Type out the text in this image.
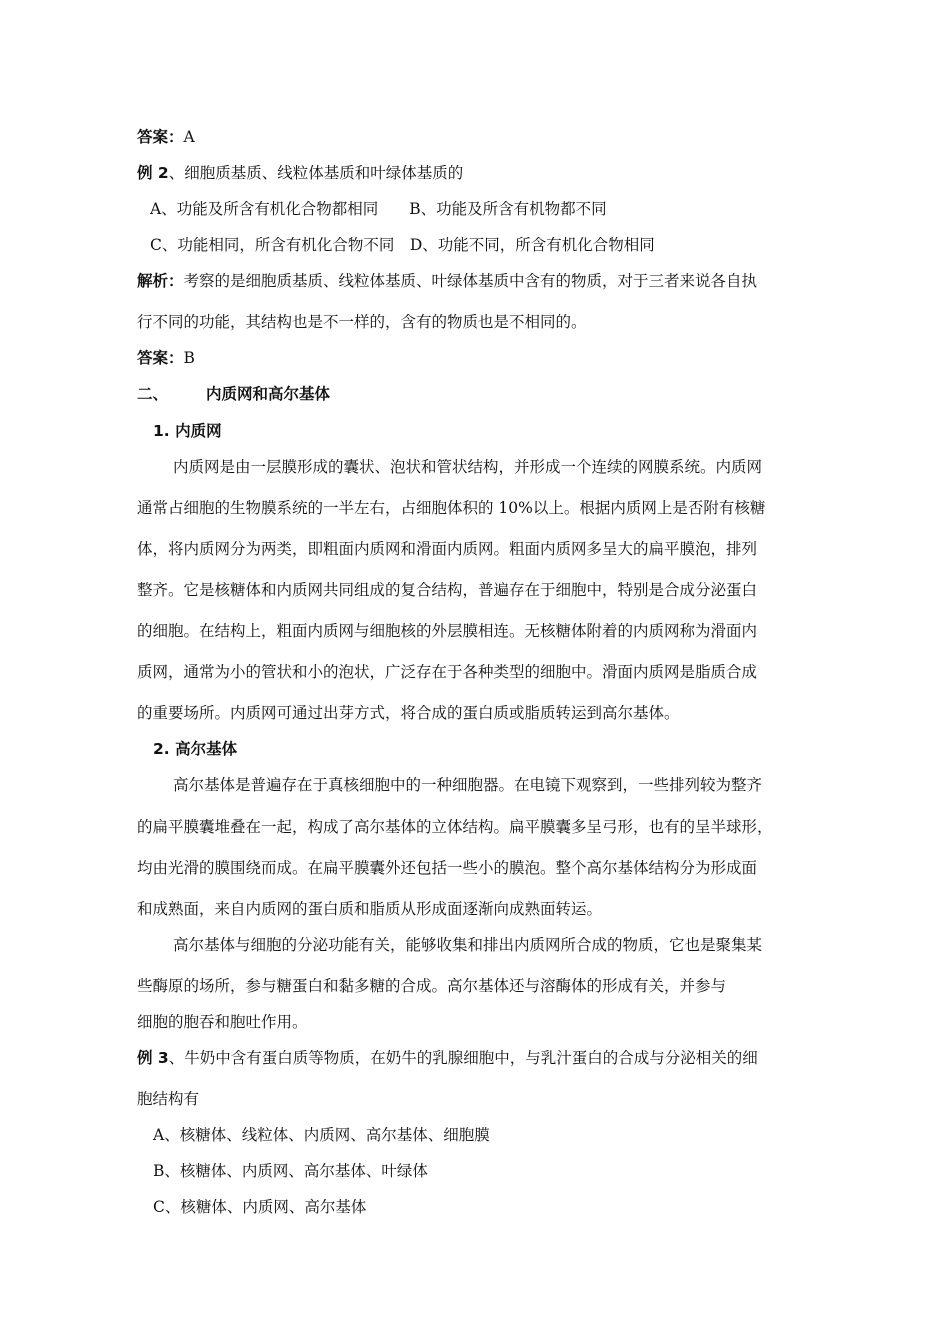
答案：A
例 2、细胞质基质、线粒体基质和叶绿体基质的
A、功能及所含有机化合物都相同　　B、功能及所含有机物都不同
C、功能相同，所含有机化合物不同　D、功能不同，所含有机化合物相同
解析：考察的是细胞质基质、线粒体基质、叶绿体基质中含有的物质，对于三者来说各自执
行不同的功能，其结构也是不一样的，含有的物质也是不相同的。
答案：B
二、 内质网和高尔基体
1. 内质网
内质网是由一层膜形成的囊状、泡状和管状结构，并形成一个连续的网膜系统。内质网
通常占细胞的生物膜系统的一半左右，占细胞体积的 10%以上。根据内质网上是否附有核糖
体，将内质网分为两类，即粗面内质网和滑面内质网。粗面内质网多呈大的扁平膜泡，排列
整齐。它是核糖体和内质网共同组成的复合结构，普遍存在于细胞中，特别是合成分泌蛋白
的细胞。在结构上，粗面内质网与细胞核的外层膜相连。无核糖体附着的内质网称为滑面内
质网，通常为小的管状和小的泡状，广泛存在于各种类型的细胞中。滑面内质网是脂质合成
的重要场所。内质网可通过出芽方式，将合成的蛋白质或脂质转运到高尔基体。
2. 高尔基体
高尔基体是普遍存在于真核细胞中的一种细胞器。在电镜下观察到，一些排列较为整齐
的扁平膜囊堆叠在一起，构成了高尔基体的立体结构。扁平膜囊多呈弓形，也有的呈半球形，
均由光滑的膜围绕而成。在扁平膜囊外还包括一些小的膜泡。整个高尔基体结构分为形成面
和成熟面，来自内质网的蛋白质和脂质从形成面逐渐向成熟面转运。
高尔基体与细胞的分泌功能有关，能够收集和排出内质网所合成的物质，它也是聚集某
些酶原的场所，参与糖蛋白和黏多糖的合成。高尔基体还与溶酶体的形成有关，并参与
细胞的胞吞和胞吐作用。
例 3、牛奶中含有蛋白质等物质，在奶牛的乳腺细胞中，与乳汁蛋白的合成与分泌相关的细
胞结构有
A、核糖体、线粒体、内质网、高尔基体、细胞膜
B、核糖体、内质网、高尔基体、叶绿体
C、核糖体、内质网、高尔基体
